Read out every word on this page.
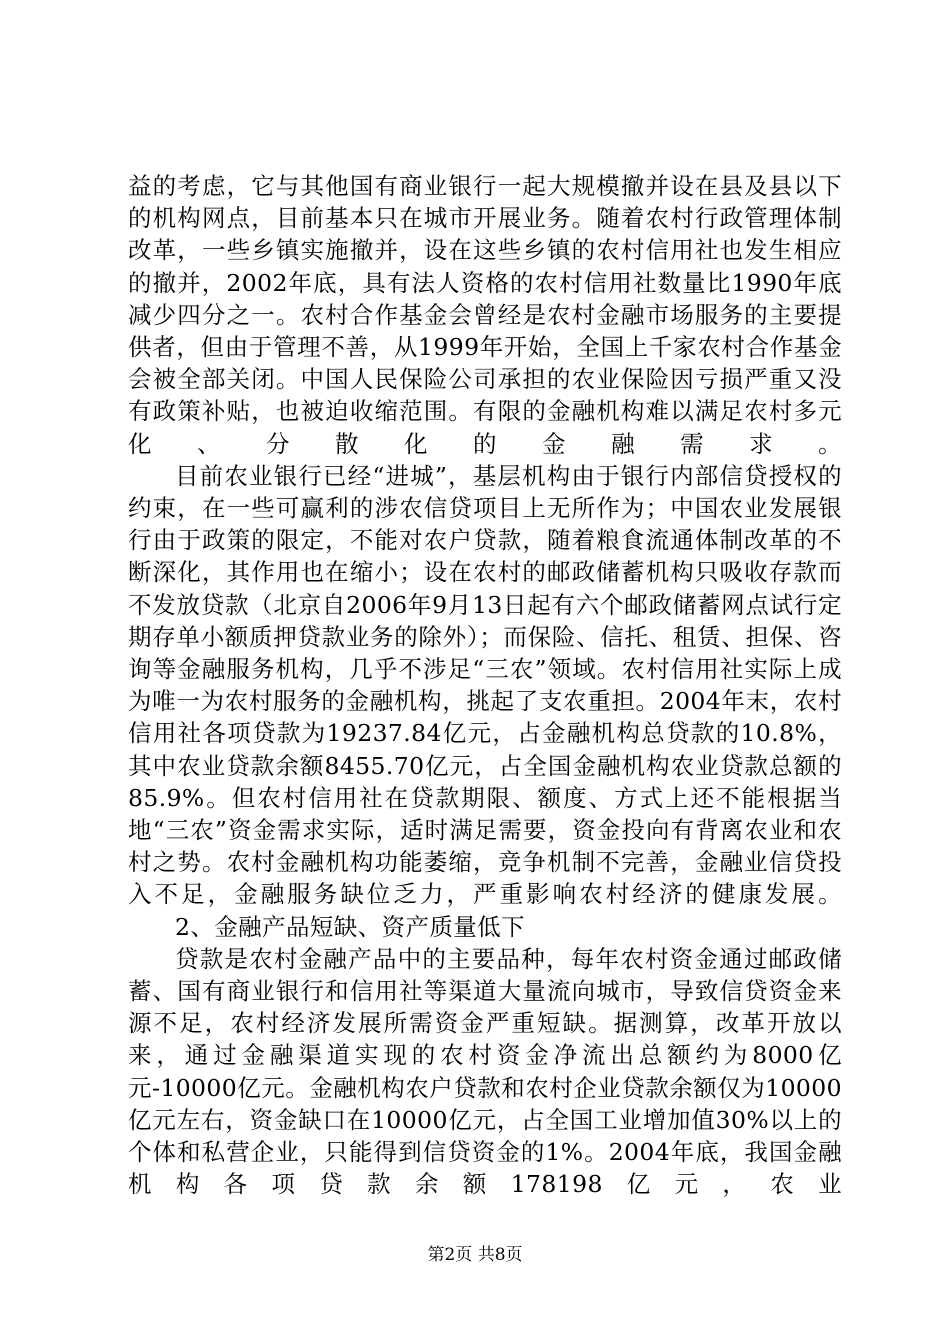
益的考虑，它与其他国有商业银行一起大规模撤并设在县及县以下的机构网点，目前基本只在城市开展业务。随着农村行政管理体制改革，一些乡镇实施撤并，设在这些乡镇的农村信用社也发生相应的撤并，2002年底，具有法人资格的农村信用社数量比1990年底减少四分之一。农村合作基金会曾经是农村金融市场服务的主要提供者，但由于管理不善，从1999年开始，全国上千家农村合作基金会被全部关闭。中国人民保险公司承担的农业保险因亏损严重又没有政策补贴，也被迫收缩范围。有限的金融机构难以满足农村多元化、分散化的金融需求。

目前农业银行已经“进城”，基层机构由于银行内部信贷授权的约束，在一些可赢利的涉农信贷项目上无所作为；中国农业发展银行由于政策的限定，不能对农户贷款，随着粮食流通体制改革的不断深化，其作用也在缩小；设在农村的邮政储蓄机构只吸收存款而不发放贷款（北京自2006年9月13日起有六个邮政储蓄网点试行定期存单小额质押贷款业务的除外）；而保险、信托、租赁、担保、咨询等金融服务机构，几乎不涉足“三农”领域。农村信用社实际上成为唯一为农村服务的金融机构，挑起了支农重担。2004年末，农村信用社各项贷款为19237.84亿元，占金融机构总贷款的10.8%，其中农业贷款余额8455.70亿元，占全国金融机构农业贷款总额的85.9%。但农村信用社在贷款期限、额度、方式上还不能根据当地“三农”资金需求实际，适时满足需要，资金投向有背离农业和农村之势。农村金融机构功能萎缩，竞争机制不完善，金融业信贷投入不足，金融服务缺位乏力，严重影响农村经济的健康发展。

2、金融产品短缺、资产质量低下

贷款是农村金融产品中的主要品种，每年农村资金通过邮政储蓄、国有商业银行和信用社等渠道大量流向城市，导致信贷资金来源不足，农村经济发展所需资金严重短缺。据测算，改革开放以来，通过金融渠道实现的农村资金净流出总额约为8000亿元-10000亿元。金融机构农户贷款和农村企业贷款余额仅为10000亿元左右，资金缺口在10000亿元，占全国工业增加值30%以上的个体和私营企业，只能得到信贷资金的1%。2004年底，我国金融机构各项贷款余额178198亿元，农业

第2页 共8页
